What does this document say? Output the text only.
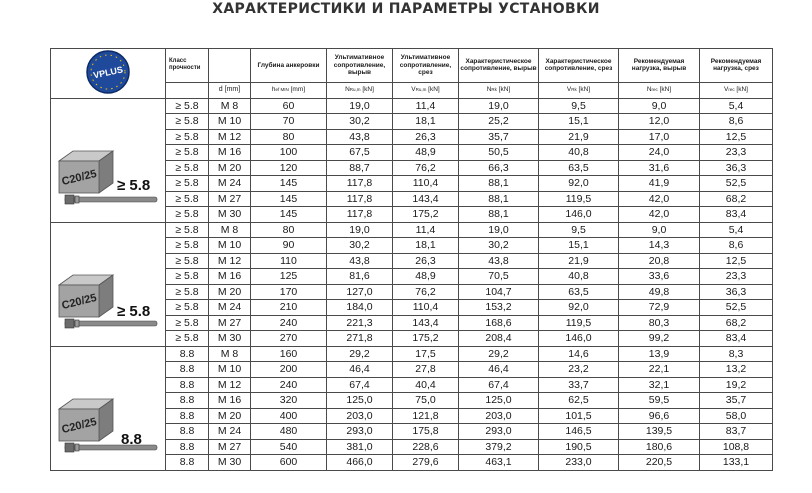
ХАРАКТЕРИСТИКИ И ПАРАМЕТРЫ УСТАНОВКИ
VPLUS	Класс прочности		Глубина анкеровки	Ультимативное сопротивление, вырыв	Ультимативное сопротивление, срез	Характеристическое сопротивление, вырыв	Характеристическое сопротивление, срез	Рекомендуемая нагрузка, вырыв	Рекомендуемая нагрузка, срез
		d [mm]	hef MIN [mm]	NRu,m [kN]	VRu,m [kN]	NRk [kN]	VRk [kN]	Nrec [kN]	Vrec [kN]

C20/25 ≥ 5.8	≥ 5.8	M 8	60	19,0	11,4	19,0	9,5	9,0	5,4
	≥ 5.8	M 10	70	30,2	18,1	25,2	15,1	12,0	8,6
	≥ 5.8	M 12	80	43,8	26,3	35,7	21,9	17,0	12,5
	≥ 5.8	M 16	100	67,5	48,9	50,5	40,8	24,0	23,3
	≥ 5.8	M 20	120	88,7	76,2	66,3	63,5	31,6	36,3
	≥ 5.8	M 24	145	117,8	110,4	88,1	92,0	41,9	52,5
	≥ 5.8	M 27	145	117,8	143,4	88,1	119,5	42,0	68,2
	≥ 5.8	M 30	145	117,8	175,2	88,1	146,0	42,0	83,4

C20/25 ≥ 5.8	≥ 5.8	M 8	80	19,0	11,4	19,0	9,5	9,0	5,4
	≥ 5.8	M 10	90	30,2	18,1	30,2	15,1	14,3	8,6
	≥ 5.8	M 12	110	43,8	26,3	43,8	21,9	20,8	12,5
	≥ 5.8	M 16	125	81,6	48,9	70,5	40,8	33,6	23,3
	≥ 5.8	M 20	170	127,0	76,2	104,7	63,5	49,8	36,3
	≥ 5.8	M 24	210	184,0	110,4	153,2	92,0	72,9	52,5
	≥ 5.8	M 27	240	221,3	143,4	168,6	119,5	80,3	68,2
	≥ 5.8	M 30	270	271,8	175,2	208,4	146,0	99,2	83,4

C20/25
8.8	8.8	M 8	160	29,2	17,5	29,2	14,6	13,9	8,3
	8.8	M 10	200	46,4	27,8	46,4	23,2	22,1	13,2
	8.8	M 12	240	67,4	40,4	67,4	33,7	32,1	19,2
	8.8	M 16	320	125,0	75,0	125,0	62,5	59,5	35,7
	8.8	M 20	400	203,0	121,8	203,0	101,5	96,6	58,0
	8.8	M 24	480	293,0	175,8	293,0	146,5	139,5	83,7
	8.8	M 27	540	381,0	228,6	379,2	190,5	180,6	108,8
	8.8	M 30	600	466,0	279,6	463,1	233,0	220,5	133,1
